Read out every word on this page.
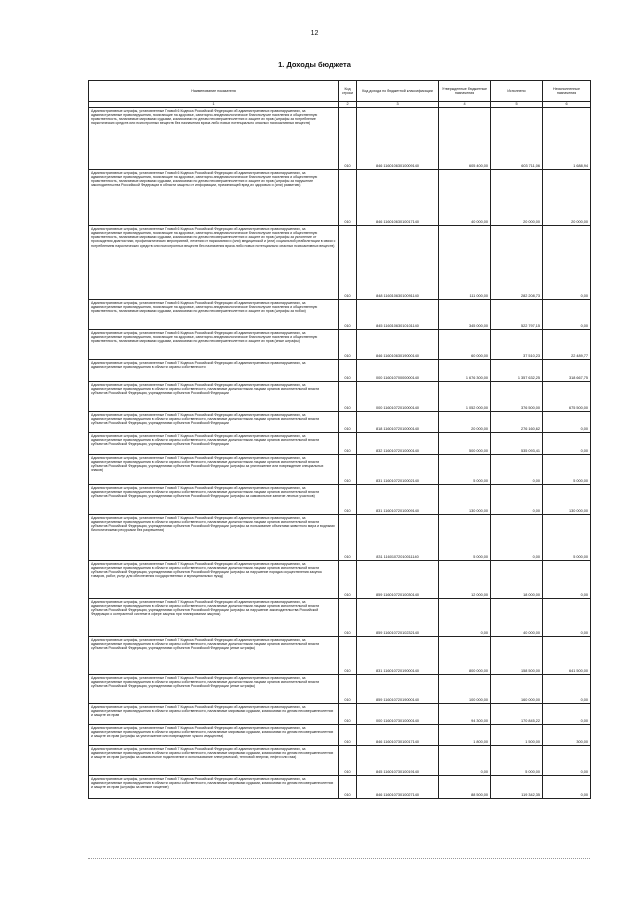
12
1. Доходы бюджета
Наименование показателя	Код строки	Код дохода по бюджетной классификации	Утвержденные бюджетные назначения	Исполнено	Неисполненные назначения
1	2	3	4	5	6
Административные штрафы, установленные Главой 6 Кодекса Российской Федерации об административных правонарушениях, за административные правонарушения, посягающие на здоровье, санитарно-эпидемиологическое благополучие населения и общественную нравственность, налагаемые мировыми судьями, комиссиями по делам несовершеннолетних и защите их прав (штрафы за потребление наркотических средств или психотропных веществ без назначения врача либо новых потенциально опасных психоактивных веществ)	010	846 11601063010009140	605 400,00	603 711,06	1 688,94
Административные штрафы, установленные Главой 6 Кодекса Российской Федерации об административных правонарушениях, за административные правонарушения, посягающие на здоровье, санитарно-эпидемиологическое благополучие населения и общественную нравственность, налагаемые мировыми судьями, комиссиями по делам несовершеннолетних и защите их прав (штрафы за нарушение законодательства Российской Федерации в области защиты от информации, причиняющей вред их здоровью и (или) развитию)	010	846 11601063010017140	40 000,00	20 000,00	20 000,00
Административные штрафы, установленные Главой 6 Кодекса Российской Федерации об административных правонарушениях, за административные правонарушения, посягающие на здоровье, санитарно-эпидемиологическое благополучие населения и общественную нравственность, налагаемые мировыми судьями, комиссиями по делам несовершеннолетних и защите их прав (штрафы за уклонение от прохождения диагностики, профилактических мероприятий, лечения от наркомании и (или) медицинской и (или) социальной реабилитации в связи с потреблением наркотических средств или психотропных веществ без назначения врача либо новых потенциально опасных психоактивных веществ)	010	848 11601063010091140	111 000,00	282 208,73	0,00
Административные штрафы, установленные Главой 6 Кодекса Российской Федерации об административных правонарушениях, за административные правонарушения, посягающие на здоровье, санитарно-эпидемиологическое благополучие населения и общественную нравственность, налагаемые мировыми судьями, комиссиями по делам несовершеннолетних и защите их прав (штрафы за побои)	010	845 11601063010101140	345 000,00	522 797,15	0,00
Административные штрафы, установленные Главой 6 Кодекса Российской Федерации об административных правонарушениях, за административные правонарушения, посягающие на здоровье, санитарно-эпидемиологическое благополучие населения и общественную нравственность, налагаемые мировыми судьями, комиссиями по делам несовершеннолетних и защите их прав (иные штрафы)	010	846 11601063019000140	60 000,00	37 510,23	22 489,77
Административные штрафы, установленные Главой 7 Кодекса Российской Федерации об административных правонарушениях, за административные правонарушения в области охраны собственности	010	000 11601070000000140	1 676 300,00	1 357 632,25	318 667,75
Административные штрафы, установленные Главой 7 Кодекса Российской Федерации об административных правонарушениях, за административные правонарушения в области охраны собственности, налагаемые должностными лицами органов исполнительной власти субъектов Российской Федерации, учреждениями субъектов Российской Федерации	010	000 11601072010000140	1 052 000,00	376 500,00	675 500,00
Административные штрафы, установленные Главой 7 Кодекса Российской Федерации об административных правонарушениях, за административные правонарушения в области охраны собственности, налагаемые должностными лицами органов исполнительной власти субъектов Российской Федерации, учреждениями субъектов Российской Федерации	010	818 11601072010000140	20 000,00	276 160,62	0,00
Административные штрафы, установленные Главой 7 Кодекса Российской Федерации об административных правонарушениях, за административные правонарушения в области охраны собственности, налагаемые должностными лицами органов исполнительной власти субъектов Российской Федерации, учреждениями субъектов Российской Федерации	010	832 11601072010000140	500 000,00	535 093,41	0,00
Административные штрафы, установленные Главой 7 Кодекса Российской Федерации об административных правонарушениях, за административные правонарушения в области охраны собственности, налагаемые должностными лицами органов исполнительной власти субъектов Российской Федерации, учреждениями субъектов Российской Федерации (штрафы за уничтожение или повреждение специальных знаков)	010	831 11601072010002140	5 000,00	0,00	5 000,00
Административные штрафы, установленные Главой 7 Кодекса Российской Федерации об административных правонарушениях, за административные правонарушения в области охраны собственности, налагаемые должностными лицами органов исполнительной власти субъектов Российской Федерации, учреждениями субъектов Российской Федерации (штрафы за самовольное занятие лесных участков)	010	831 11601072010009140	130 000,00	0,00	130 000,00
Административные штрафы, установленные Главой 7 Кодекса Российской Федерации об административных правонарушениях, за административные правонарушения в области охраны собственности, налагаемые должностными лицами органов исполнительной власти субъектов Российской Федерации, учреждениями субъектов Российской Федерации (штрафы за пользование объектами животного мира и водными биологическими ресурсами без разрешения)	010	831 11601072010011140	5 000,00	0,00	5 000,00
Административные штрафы, установленные Главой 7 Кодекса Российской Федерации об административных правонарушениях, за административные правонарушения в области охраны собственности, налагаемые должностными лицами органов исполнительной власти субъектов Российской Федерации, учреждениями субъектов Российской Федерации (штрафы за нарушение порядка осуществления закупок товаров, работ, услуг для обеспечения государственных и муниципальных нужд)	010	859 11601072010030140	12 000,00	18 000,00	0,00
Административные штрафы, установленные Главой 7 Кодекса Российской Федерации об административных правонарушениях, за административные правонарушения в области охраны собственности, налагаемые должностными лицами органов исполнительной власти субъектов Российской Федерации, учреждениями субъектов Российской Федерации (штрафы за нарушение законодательства Российской Федерации о контрактной системе в сфере закупок при планировании закупок)	010	859 11601072010232140	0,00	40 000,00	0,00
Административные штрафы, установленные Главой 7 Кодекса Российской Федерации об административных правонарушениях, за административные правонарушения в области охраны собственности, налагаемые должностными лицами органов исполнительной власти субъектов Российской Федерации, учреждениями субъектов Российской Федерации (иные штрафы)	010	831 11601072019000140	800 000,00	158 500,00	641 500,00
Административные штрафы, установленные Главой 7 Кодекса Российской Федерации об административных правонарушениях, за административные правонарушения в области охраны собственности, налагаемые должностными лицами органов исполнительной власти субъектов Российской Федерации, учреждениями субъектов Российской Федерации (иные штрафы)	010	859 11601072019000140	100 000,00	160 000,00	0,00
Административные штрафы, установленные Главой 7 Кодекса Российской Федерации об административных правонарушениях, за административные правонарушения в области охраны собственности, налагаемые мировыми судьями, комиссиями по делам несовершеннолетних и защите их прав	010	000 11601073010000140	94 300,00	170 845,22	0,00
Административные штрафы, установленные Главой 7 Кодекса Российской Федерации об административных правонарушениях, за административные правонарушения в области охраны собственности, налагаемые мировыми судьями, комиссиями по делам несовершеннолетних и защите их прав (штрафы за уничтожение или повреждение чужого имущества)	010	846 11601073010017140	1 800,00	1 500,00	300,00
Административные штрафы, установленные Главой 7 Кодекса Российской Федерации об административных правонарушениях, за административные правонарушения в области охраны собственности, налагаемые мировыми судьями, комиссиями по делам несовершеннолетних и защите их прав (штрафы за самовольное подключение и использование электрической, тепловой энергии, нефти или газа)	010	845 11601073010019140	0,00	5 000,00	0,00
Административные штрафы, установленные Главой 7 Кодекса Российской Федерации об административных правонарушениях, за административные правонарушения в области охраны собственности, налагаемые мировыми судьями, комиссиями по делам несовершеннолетних и защите их прав (штрафы за мелкое хищение)	010	846 11601073010027140	88 500,00	119 342,35	0,00
